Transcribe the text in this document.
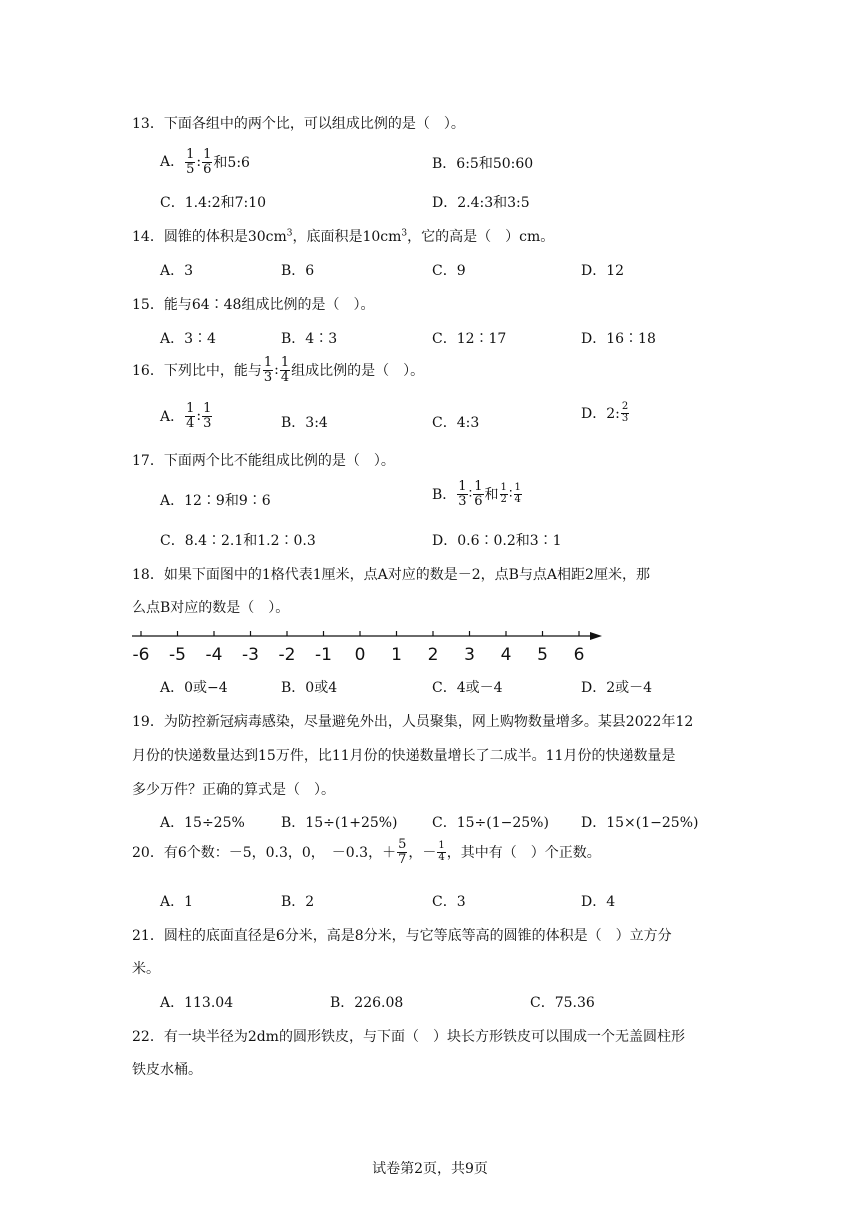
13．下面各组中的两个比，可以组成比例的是（　）。
A． $\frac{1}{5}$ : $\frac{1}{6}$ 和5:6	B．6:5和50:60
C．1.4:2和7:10	D．2.4:3和3:5
14．圆锥的体积是$30cm^3$，底面积是$10cm^3$，它的高是（　）cm。
A．3	B．6	C．9	D．12
15．能与64∶48组成比例的是（　）。
A．3∶4	B．4∶3	C．12∶17	D．16∶18
16．下列比中，能与 $\frac{1}{3}$ : $\frac{1}{4}$ 组成比例的是（　）。
A． $\frac{1}{4}$ : $\frac{1}{3}$	B．3:4	C．4:3
D．2: $\frac{2}{3}$
17．下面两个比不能组成比例的是（　）。
A．12∶9和9∶6	B． $\frac{1}{3}$ ∶ $\frac{1}{6}$ 和 $\frac{1}{2}$ ∶ $\frac{1}{4}$
C．8.4∶2.1和1.2∶0.3	D．0.6∶0.2和3∶1
18．如果下面图中的1格代表1厘米，点A对应的数是－2，点B与点A相距2厘米，那
么点B对应的数是（　）。
-6 -5 -4 -3 -2 -1 0 1 2 3 4 5 6
A．0或−4	B．0或4	C．4或－4	D．2或－4
19．为防控新冠病毒感染，尽量避免外出，人员聚集，网上购物数量增多。某县2022年12
月份的快递数量达到15万件，比11月份的快递数量增长了二成半。11月份的快递数量是
多少万件？正确的算式是（　）。
A．15÷25%	B．15÷(1+25%) C．15÷(1−25%) D．15×(1−25%)
20．有6个数：－5，0.3，0，　－0.3，＋ $\frac{5}{7}$ ，－ $\frac{1}{4}$ ，其中有（　）个正数。
A．1	B．2	C．3	D．4
21．圆柱的底面直径是6分米，高是8分米，与它等底等高的圆锥的体积是（　）立方分
米。
A．113.04	B．226.08	C．75.36
22．有一块半径为2dm的圆形铁皮，与下面（　）块长方形铁皮可以围成一个无盖圆柱形
铁皮水桶。
试卷第2页，共9页
